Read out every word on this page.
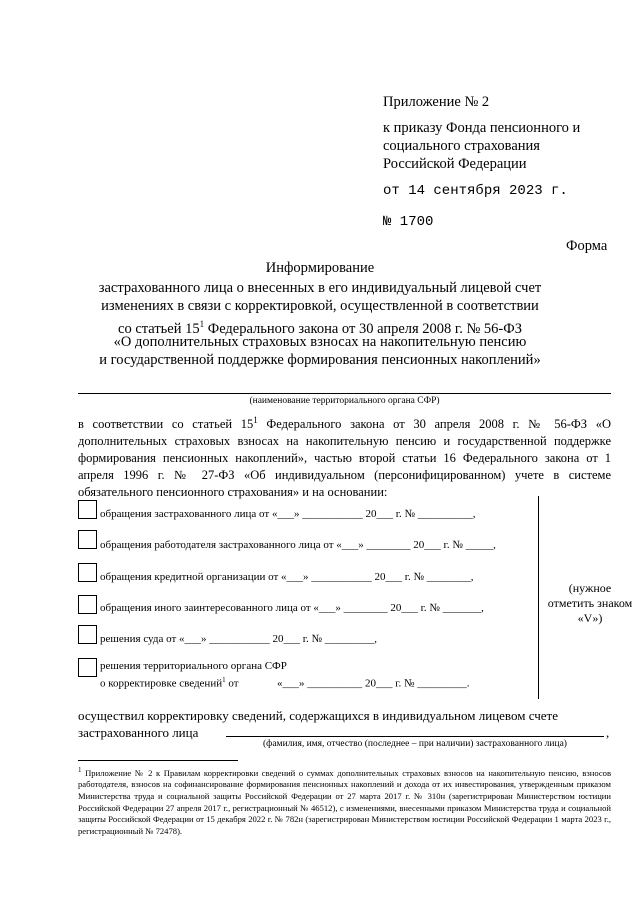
Приложение № 2
к приказу Фонда пенсионного и
социального страхования
Российской Федерации
от 14 сентября 2023 г.
№ 1700
Форма
Информирование
застрахованного лица о внесенных в его индивидуальный лицевой счет
изменениях в связи с корректировкой, осуществленной в соответствии
со статьей $15^1$ Федерального закона от 30 апреля 2008 г. № 56-ФЗ
«О дополнительных страховых взносах на накопительную пенсию
и государственной поддержке формирования пенсионных накоплений»
(наименование территориального органа СФР)
в соответствии со статьей $15^1$ Федерального закона от 30 апреля 2008 г. № 56-ФЗ «О дополнительных страховых взносах на накопительную пенсию и государственной поддержке формирования пенсионных накоплений», частью второй статьи 16 Федерального закона от 1 апреля 1996 г. № 27-ФЗ «Об индивидуальном (персонифицированном) учете в системе обязательного пенсионного страхования» и на основании:
обращения застрахованного лица от «___» ___________ 20___ г. № __________,
обращения работодателя застрахованного лица от «___» ________ 20___ г. № _____,
обращения кредитной организации от «___» ___________ 20___ г. № ________,
обращения иного заинтересованного лица от «___» ________ 20___ г. № _______,
решения суда от «___» ___________ 20___ г. № _________,
решения территориального органа СФР
о корректировке сведений$^1$ от	«___» __________ 20___ г. № _________.
(нужное
отметить знаком
«V»)
осуществил корректировку сведений, содержащихся в индивидуальном лицевом счете
застрахованного лица	,
(фамилия, имя, отчество (последнее – при наличии) застрахованного лица)
$^1$ Приложение № 2 к Правилам корректировки сведений о суммах дополнительных страховых взносов на накопительную пенсию, взносов работодателя, взносов на софинансирование формирования пенсионных накоплений и дохода от их инвестирования, утвержденным приказом Министерства труда и социальной защиты Российской Федерации от 27 марта 2017 г. № 310н (зарегистрирован Министерством юстиции Российской Федерации 27 апреля 2017 г., регистрационный № 46512), с изменениями, внесенными приказом Министерства труда и социальной защиты Российской Федерации от 15 декабря 2022 г. № 782н (зарегистрирован Министерством юстиции Российской Федерации 1 марта 2023 г., регистрационный № 72478).
